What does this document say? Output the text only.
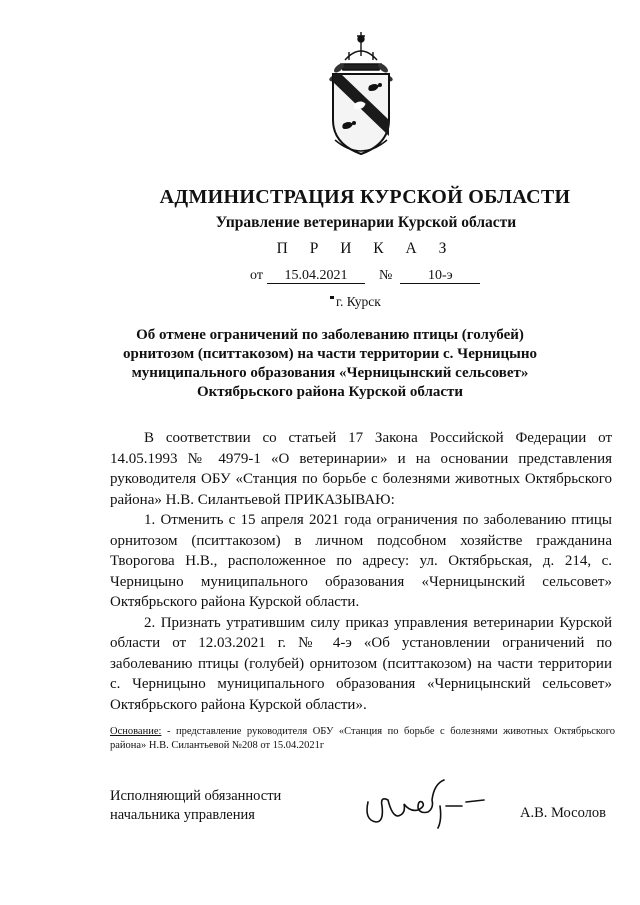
АДМИНИСТРАЦИЯ КУРСКОЙ ОБЛАСТИ
Управление ветеринарии Курской области
П Р И К А З
от	15.04.2021	№	10-э
г. Курск
Об отмене ограничений по заболеванию птицы (голубей) орнитозом (пситтакозом) на части территории с. Черницыно муниципального образования «Черницынский сельсовет» Октябрьского района Курской области

В соответствии со статьей 17 Закона Российской Федерации от 14.05.1993 № 4979-1 «О ветеринарии» и на основании представления руководителя ОБУ «Станция по борьбе с болезнями животных Октябрьского района» Н.В. Силантьевой ПРИКАЗЫВАЮ:

1. Отменить с 15 апреля 2021 года ограничения по заболеванию птицы орнитозом (пситтакозом) в личном подсобном хозяйстве гражданина Творогова Н.В., расположенное по адресу: ул. Октябрьская, д. 214, с. Черницыно муниципального образования «Черницынский сельсовет» Октябрьского района Курской области.

2. Признать утратившим силу приказ управления ветеринарии Курской области от 12.03.2021 г. № 4-э «Об установлении ограничений по заболеванию птицы (голубей) орнитозом (пситтакозом) на части территории с. Черницыно муниципального образования «Черницынский сельсовет» Октябрьского района Курской области».

Основание: - представление руководителя ОБУ «Станция по борьбе с болезнями животных Октябрьского района» Н.В. Силантьевой №208 от 15.04.2021г
Исполняющий обязанности
начальника управления	А.В. Мосолов
